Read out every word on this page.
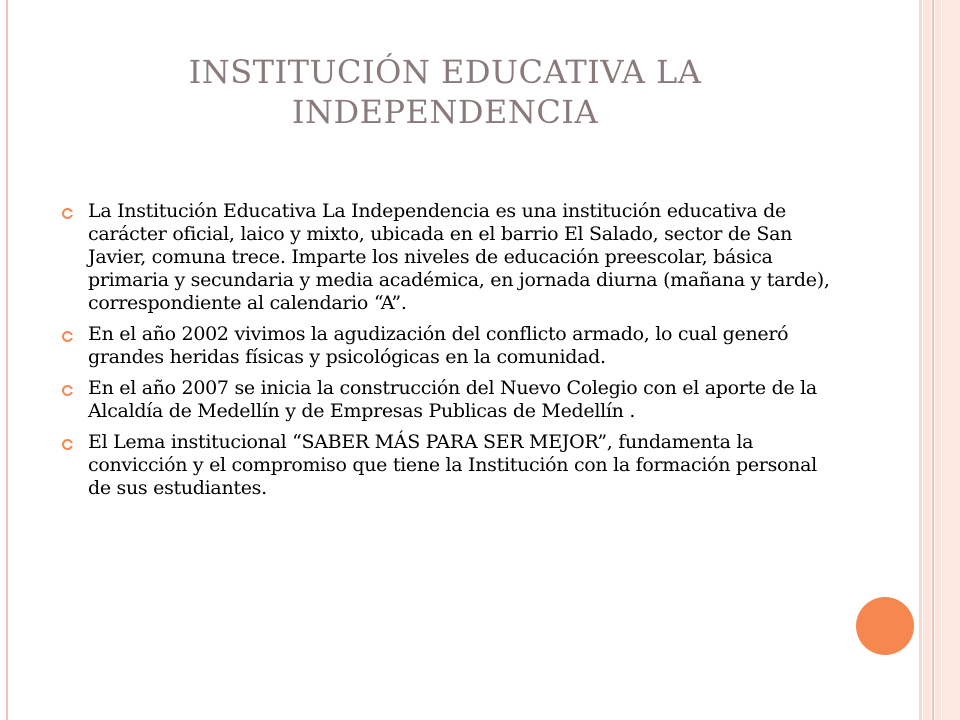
INSTITUCIÓN EDUCATIVA LA INDEPENDENCIA
La Institución Educativa La Independencia es una institución educativa de carácter oficial, laico y mixto, ubicada en el barrio El Salado, sector de San Javier, comuna trece. Imparte los niveles de educación preescolar, básica primaria y secundaria y media académica, en jornada diurna (mañana y tarde), correspondiente al calendario “A”.
En el año 2002 vivimos la agudización del conflicto armado, lo cual generó grandes heridas físicas y psicológicas en la comunidad.
En el año 2007 se inicia la construcción del Nuevo Colegio con el aporte de la Alcaldía de Medellín y de Empresas Publicas de Medellín .
El Lema institucional “SABER MÁS PARA SER MEJOR”, fundamenta la convicción y el compromiso que tiene la Institución con la formación personal de sus estudiantes.
